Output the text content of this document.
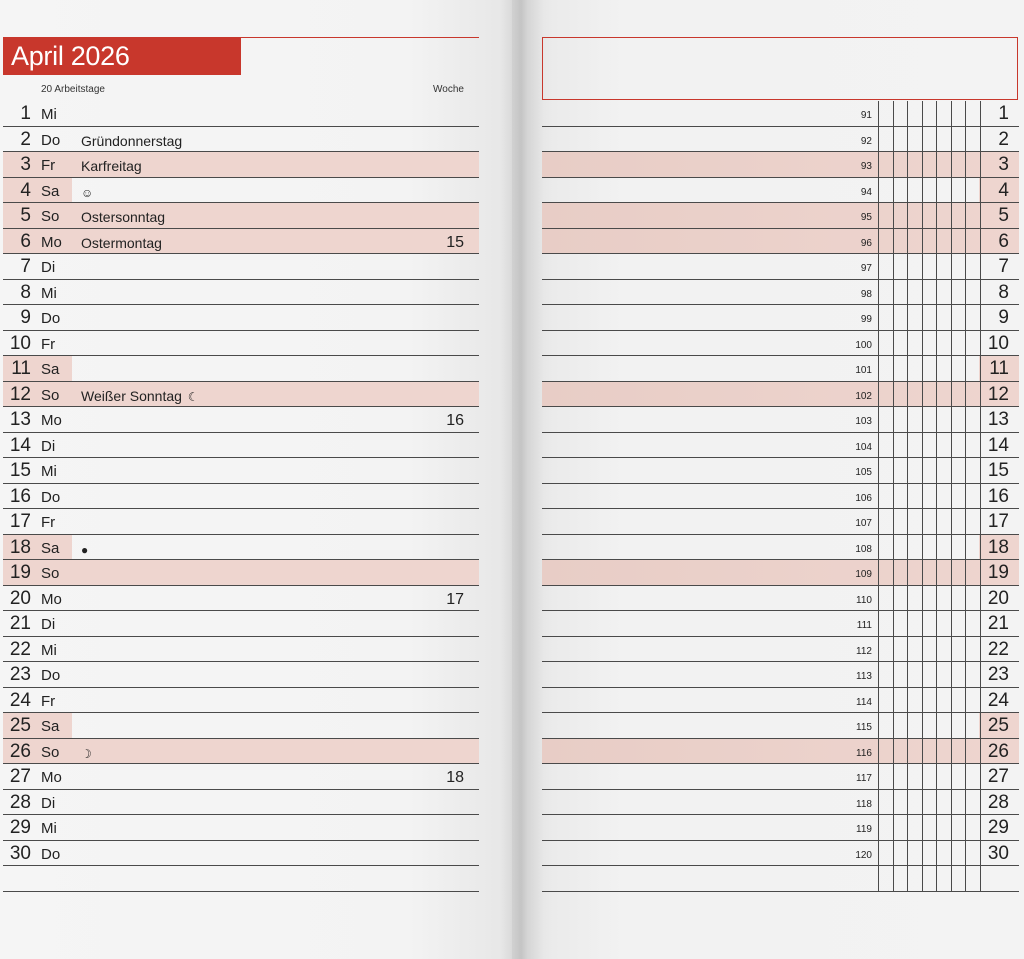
April 2026
20 Arbeitstage	Woche
1 Mi
2 Do Gründonnerstag
3 Fr Karfreitag
4 Sa ☺
5 So Ostersonntag
6 Mo Ostermontag	15
7 Di
8 Mi
9 Do
10 Fr
11 Sa
12 So Weißer Sonntag ☾
13 Mo	16
14 Di
15 Mi
16 Do
17 Fr
18 Sa ●
19 So
20 Mo	17
21 Di
22 Mi
23 Do
24 Fr
25 Sa
26 So ☽
27 Mo	18
28 Di
29 Mi
30 Do
91	1
92	2
93	3
94	4
95	5
96	6
97	7
98	8
99	9
100	10
101	11
102	12
103	13
104	14
105	15
106	16
107	17
108	18
109	19
110	20
111	21
112	22
113	23
114	24
115	25
116	26
117	27
118	28
119	29
120	30
